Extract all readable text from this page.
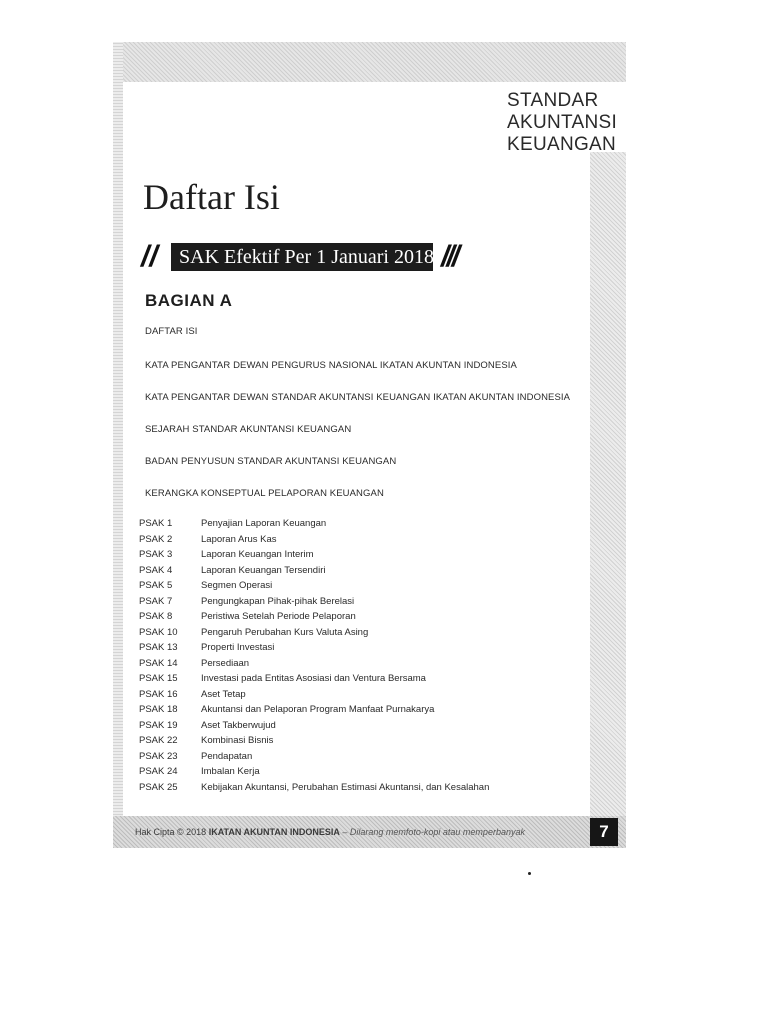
STANDAR
AKUNTANSI
KEUANGAN
Daftar Isi
//	SAK Efektif Per 1 Januari 2018 ///
BAGIAN A
DAFTAR ISI
KATA PENGANTAR DEWAN PENGURUS NASIONAL IKATAN AKUNTAN INDONESIA
KATA PENGANTAR DEWAN STANDAR AKUNTANSI KEUANGAN IKATAN AKUNTAN INDONESIA
SEJARAH STANDAR AKUNTANSI KEUANGAN
BADAN PENYUSUN STANDAR AKUNTANSI KEUANGAN
KERANGKA KONSEPTUAL PELAPORAN KEUANGAN
PSAK 1	Penyajian Laporan Keuangan
PSAK 2	Laporan Arus Kas
PSAK 3	Laporan Keuangan Interim
PSAK 4	Laporan Keuangan Tersendiri
PSAK 5	Segmen Operasi
PSAK 7	Pengungkapan Pihak-pihak Berelasi
PSAK 8	Peristiwa Setelah Periode Pelaporan
PSAK 10 Pengaruh Perubahan Kurs Valuta Asing
PSAK 13 Properti Investasi
PSAK 14 Persediaan
PSAK 15 Investasi pada Entitas Asosiasi dan Ventura Bersama
PSAK 16 Aset Tetap
PSAK 18 Akuntansi dan Pelaporan Program Manfaat Purnakarya
PSAK 19 Aset Takberwujud
PSAK 22 Kombinasi Bisnis
PSAK 23 Pendapatan
PSAK 24 Imbalan Kerja
PSAK 25 Kebijakan Akuntansi, Perubahan Estimasi Akuntansi, dan Kesalahan
Hak Cipta © 2018 IKATAN AKUNTAN INDONESIA – Dilarang memfoto-kopi atau memperbanyak	7
